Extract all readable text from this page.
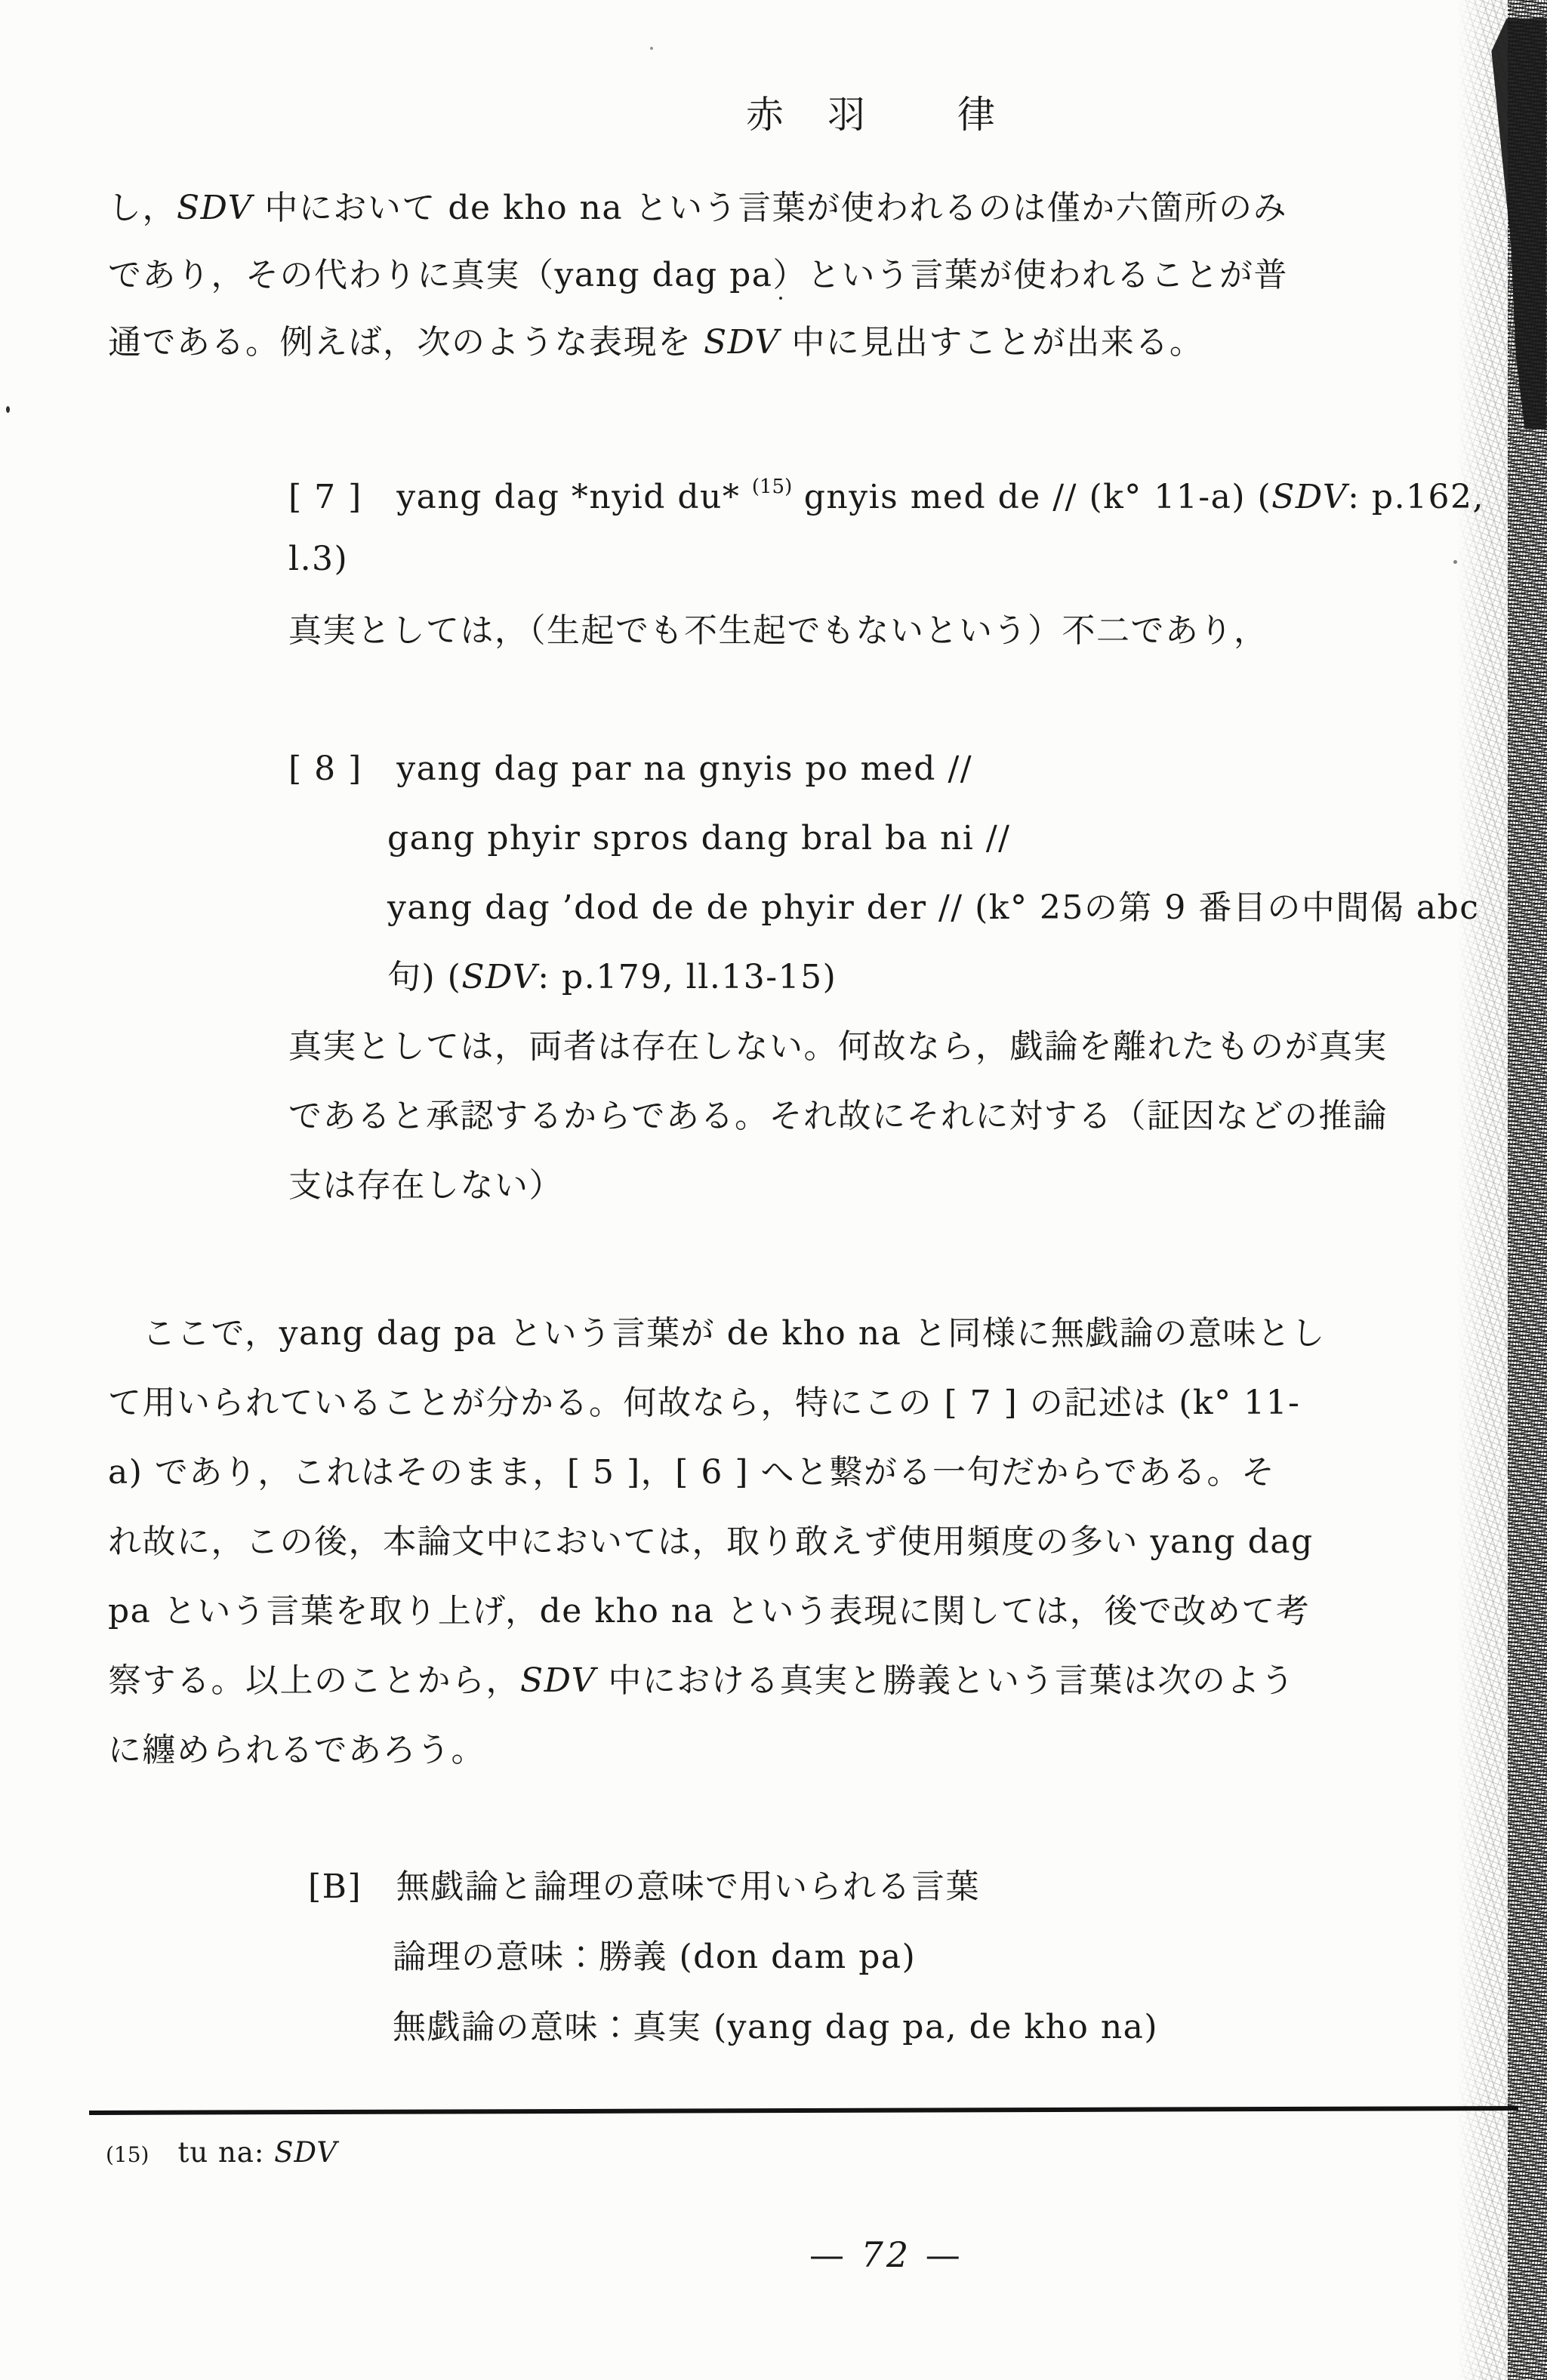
赤 羽 律
し，SDV 中において de kho na という言葉が使われるのは僅か六箇所のみ
であり，その代わりに真実（yang dag pa）という言葉が使われることが普
通である。例えば，次のような表現を SDV 中に見出すことが出来る。
[ 7 ]　yang dag *nyid du* $^{(15)}$ gnyis med de // (k° 11-a) (SDV: p.162,
l.3)
真実としては，（生起でも不生起でもないという）不二であり，
[ 8 ]　yang dag par na gnyis po med //
gang phyir spros dang bral ba ni //
yang dag ’dod de de phyir der // (k° 25の第 9 番目の中間偈 abc
句) (SDV: p.179, ll.13-15)
真実としては，両者は存在しない。何故なら，戯論を離れたものが真実
であると承認するからである。それ故にそれに対する（証因などの推論
支は存在しない）
　ここで，yang dag pa という言葉が de kho na と同様に無戯論の意味とし
て用いられていることが分かる。何故なら，特にこの [ 7 ] の記述は (k° 11-
a) であり，これはそのまま，[ 5 ]，[ 6 ] へと繋がる一句だからである。そ
れ故に，この後，本論文中においては，取り敢えず使用頻度の多い yang dag
pa という言葉を取り上げ，de kho na という表現に関しては，後で改めて考
察する。以上のことから，SDV 中における真実と勝義という言葉は次のよう
に纏められるであろう。
[B]　無戯論と論理の意味で用いられる言葉
論理の意味：勝義 (don dam pa)
無戯論の意味：真実 (yang dag pa, de kho na)
(15)　tu na: SDV
— 72 —
